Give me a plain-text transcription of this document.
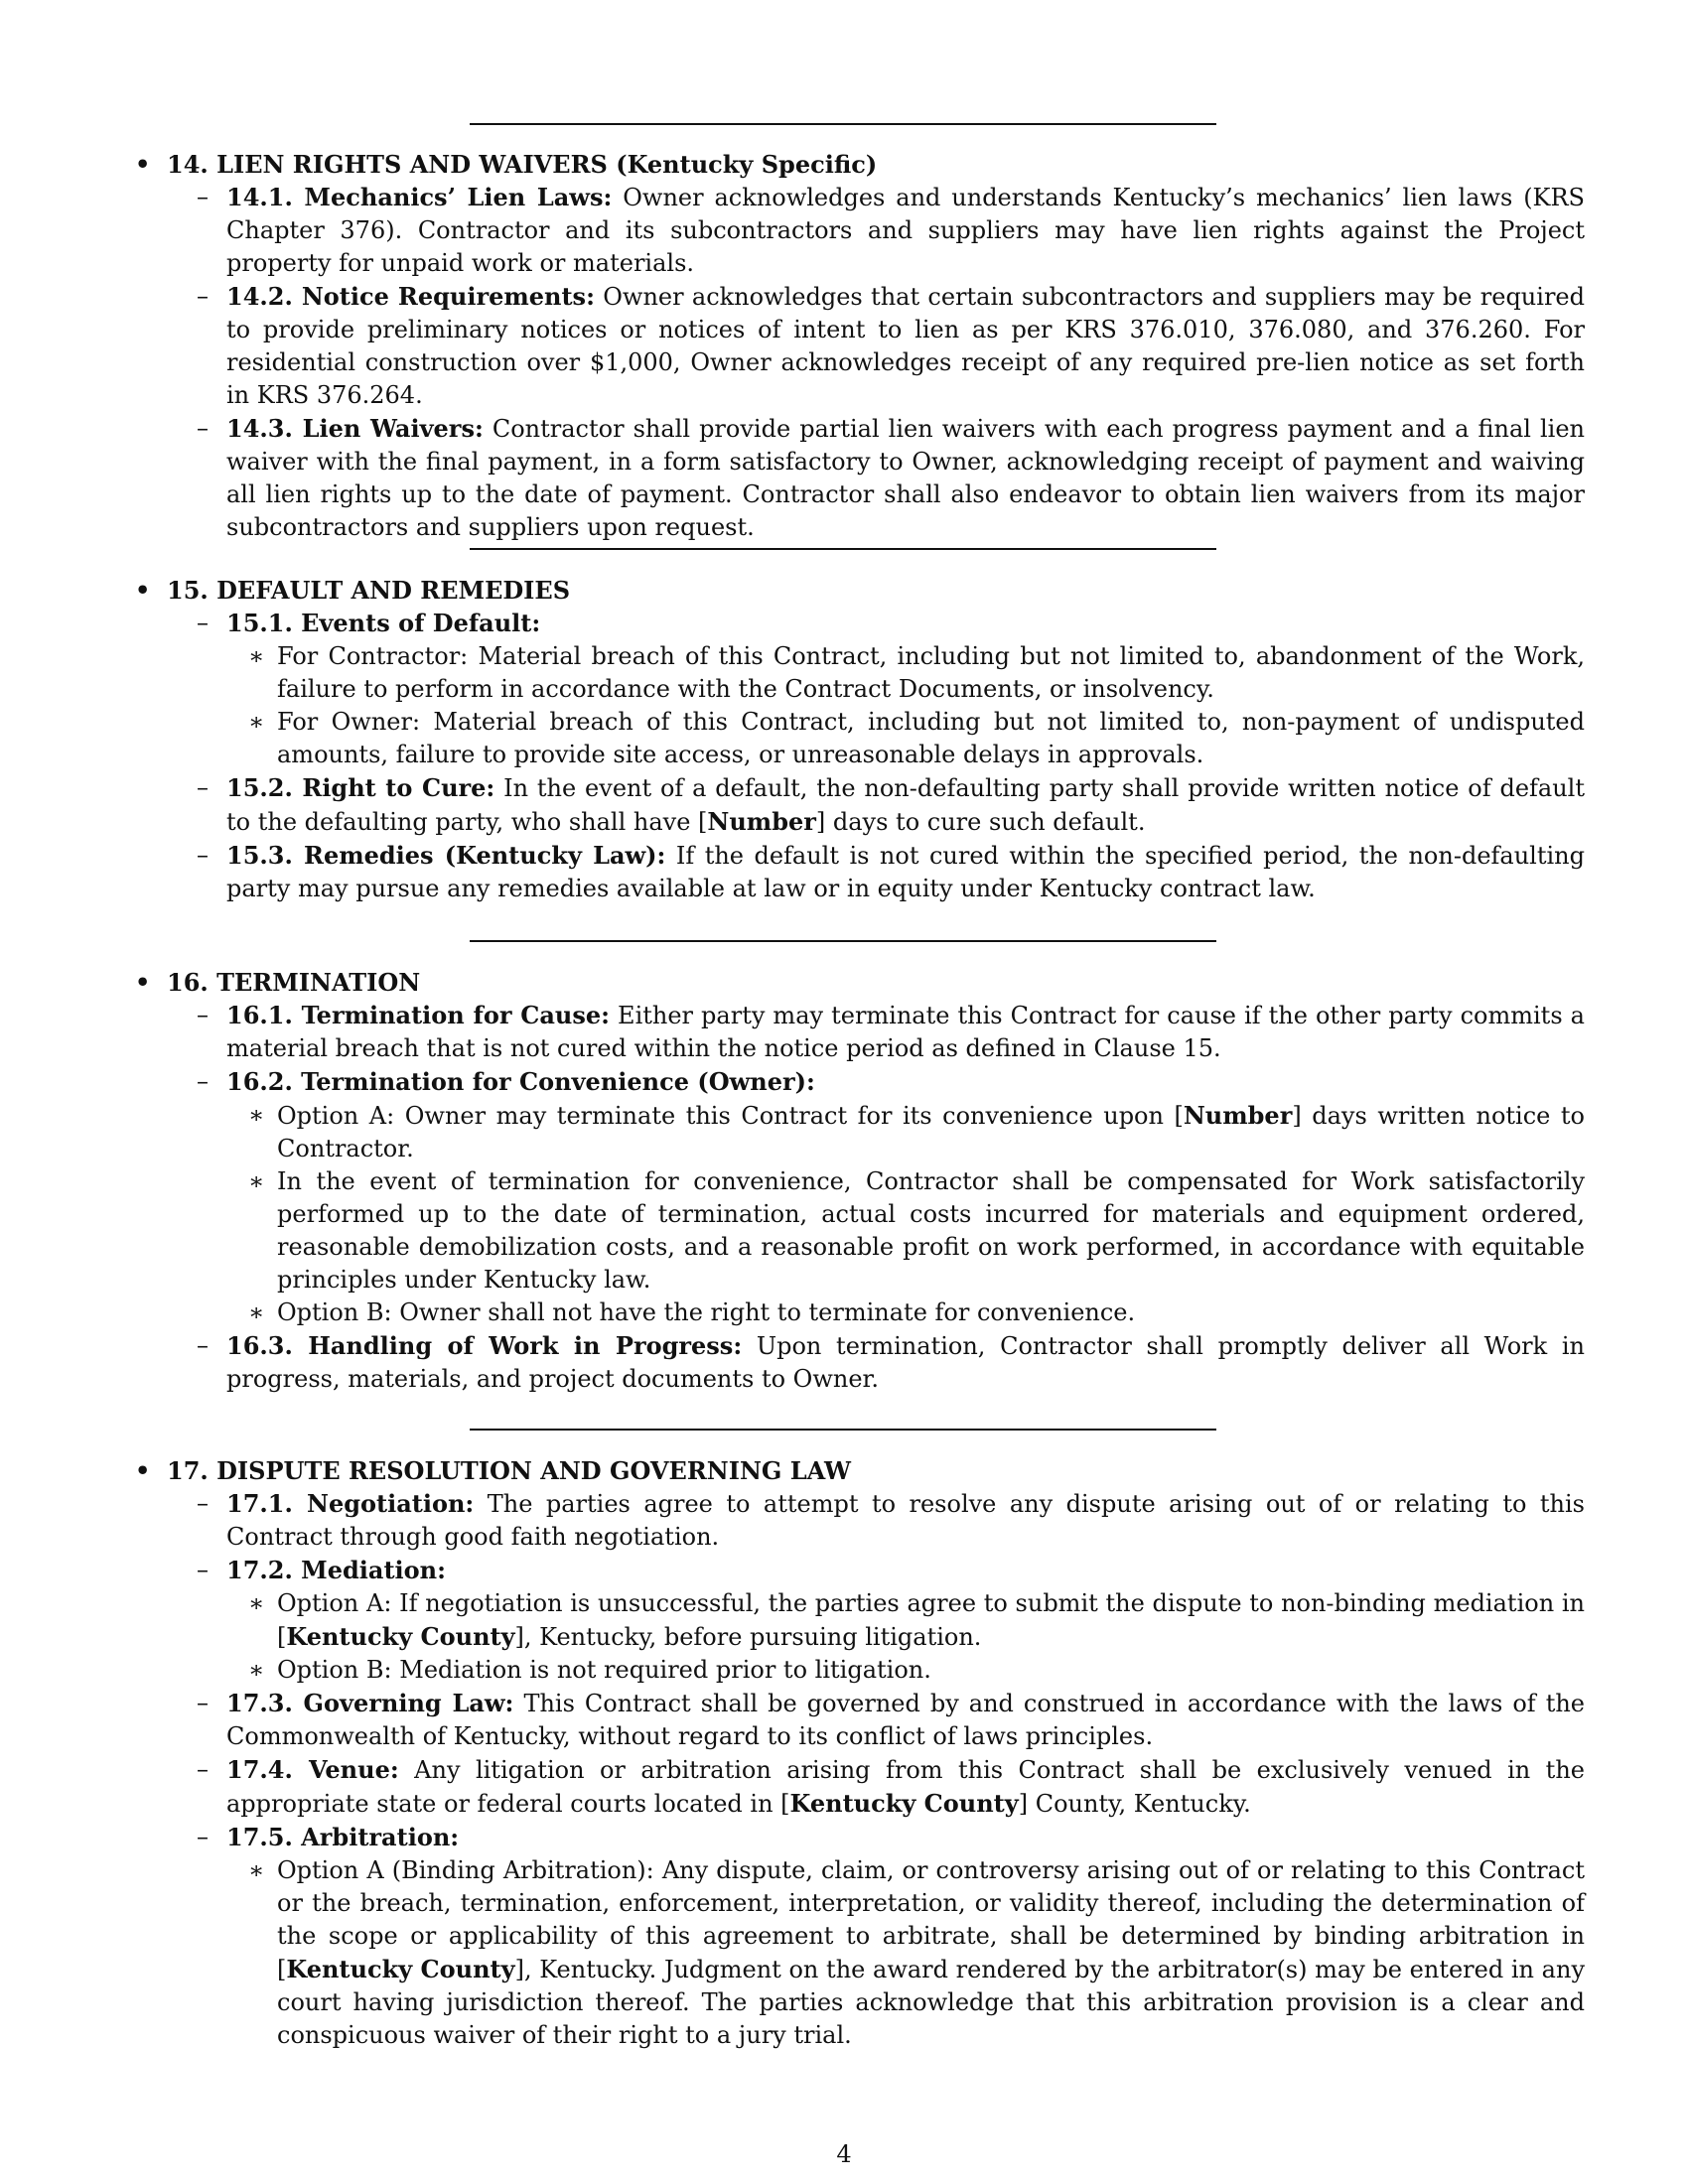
• 14. LIEN RIGHTS AND WAIVERS (Kentucky Specific)
– 14.1. Mechanics’ Lien Laws: Owner acknowledges and understands Kentucky’s mechanics’ lien laws (KRS Chapter 376). Contractor and its subcontractors and suppliers may have lien rights against the Project property for unpaid work or materials.
– 14.2. Notice Requirements: Owner acknowledges that certain subcontractors and suppliers may be required to provide preliminary notices or notices of intent to lien as per KRS 376.010, 376.080, and 376.260. For residential construction over $1,000, Owner acknowledges receipt of any required pre-lien notice as set forth in KRS 376.264.
– 14.3. Lien Waivers: Contractor shall provide partial lien waivers with each progress payment and a final lien waiver with the final payment, in a form satisfactory to Owner, acknowledging receipt of payment and waiving all lien rights up to the date of payment. Contractor shall also endeavor to obtain lien waivers from its major subcontractors and suppliers upon request.
• 15. DEFAULT AND REMEDIES
– 15.1. Events of Default:
∗ For Contractor: Material breach of this Contract, including but not limited to, abandonment of the Work, failure to perform in accordance with the Contract Documents, or insolvency.
∗ For Owner: Material breach of this Contract, including but not limited to, non-payment of undisputed amounts, failure to provide site access, or unreasonable delays in approvals.
– 15.2. Right to Cure: In the event of a default, the non-defaulting party shall provide written notice of default to the defaulting party, who shall have [Number] days to cure such default.
– 15.3. Remedies (Kentucky Law): If the default is not cured within the specified period, the non-defaulting party may pursue any remedies available at law or in equity under Kentucky contract law.
• 16. TERMINATION
– 16.1. Termination for Cause: Either party may terminate this Contract for cause if the other party commits a material breach that is not cured within the notice period as defined in Clause 15.
– 16.2. Termination for Convenience (Owner):
∗ Option A: Owner may terminate this Contract for its convenience upon [Number] days written notice to Contractor.
∗ In the event of termination for convenience, Contractor shall be compensated for Work satisfactorily performed up to the date of termination, actual costs incurred for materials and equipment ordered, reasonable demobilization costs, and a reasonable profit on work performed, in accordance with equitable principles under Kentucky law.
∗ Option B: Owner shall not have the right to terminate for convenience.
– 16.3. Handling of Work in Progress: Upon termination, Contractor shall promptly deliver all Work in progress, materials, and project documents to Owner.
• 17. DISPUTE RESOLUTION AND GOVERNING LAW
– 17.1. Negotiation: The parties agree to attempt to resolve any dispute arising out of or relating to this Contract through good faith negotiation.
– 17.2. Mediation:
∗ Option A: If negotiation is unsuccessful, the parties agree to submit the dispute to non-binding mediation in [Kentucky County], Kentucky, before pursuing litigation.
∗ Option B: Mediation is not required prior to litigation.
– 17.3. Governing Law: This Contract shall be governed by and construed in accordance with the laws of the Commonwealth of Kentucky, without regard to its conflict of laws principles.
– 17.4. Venue: Any litigation or arbitration arising from this Contract shall be exclusively venued in the appropriate state or federal courts located in [Kentucky County] County, Kentucky.
– 17.5. Arbitration:
∗ Option A (Binding Arbitration): Any dispute, claim, or controversy arising out of or relating to this Contract or the breach, termination, enforcement, interpretation, or validity thereof, including the determination of the scope or applicability of this agreement to arbitrate, shall be determined by binding arbitration in [Kentucky County], Kentucky. Judgment on the award rendered by the arbitrator(s) may be entered in any court having jurisdiction thereof. The parties acknowledge that this arbitration provision is a clear and conspicuous waiver of their right to a jury trial.
4
